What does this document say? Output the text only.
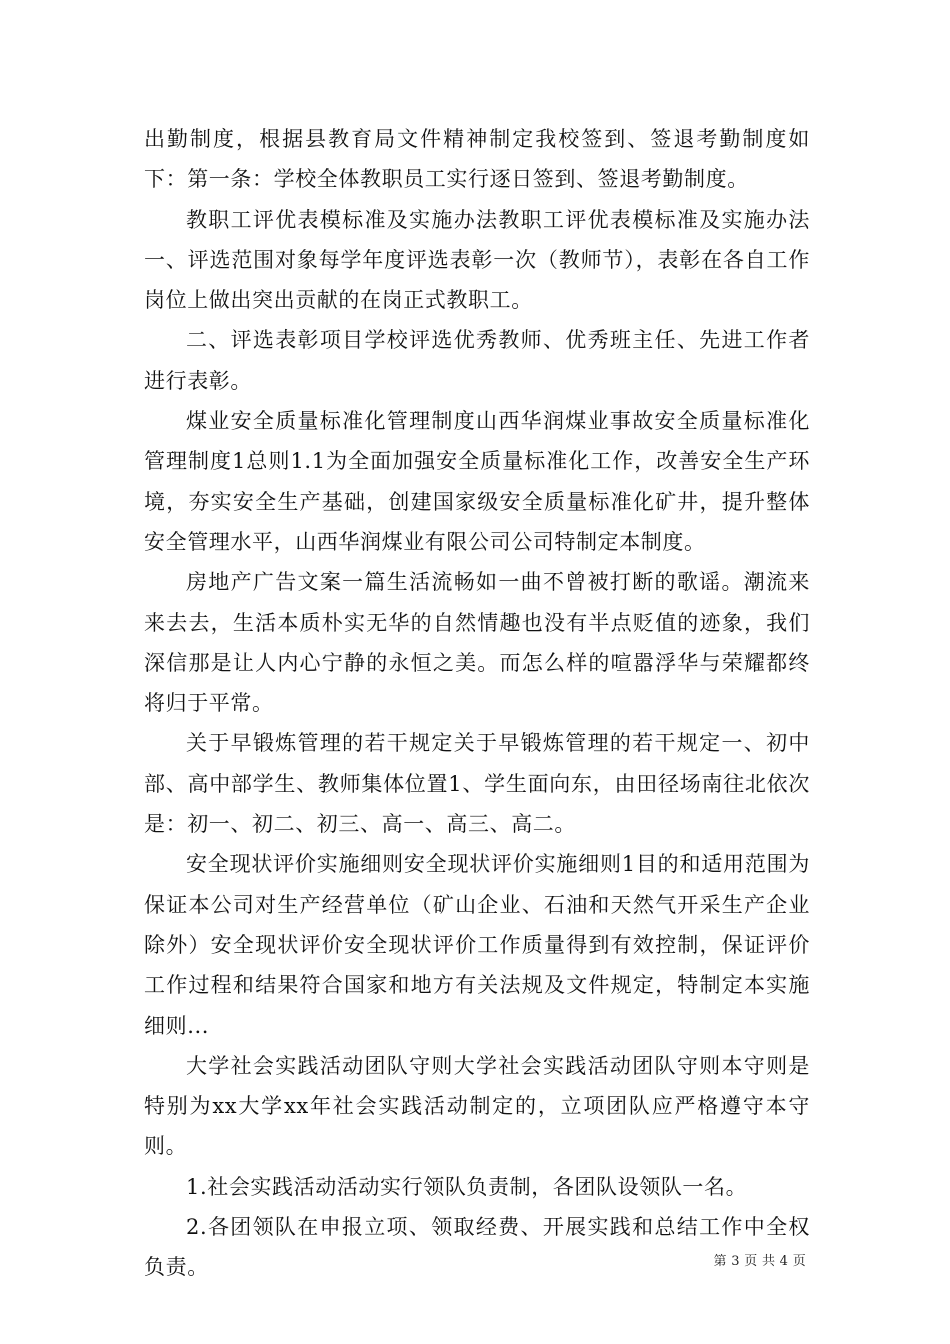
出勤制度，根据县教育局文件精神制定我校签到、签退考勤制度如下：第一条：学校全体教职员工实行逐日签到、签退考勤制度。

教职工评优表模标准及实施办法教职工评优表模标准及实施办法一、评选范围对象每学年度评选表彰一次（教师节），表彰在各自工作岗位上做出突出贡献的在岗正式教职工。

二、评选表彰项目学校评选优秀教师、优秀班主任、先进工作者进行表彰。

煤业安全质量标准化管理制度山西华润煤业事故安全质量标准化管理制度1总则1.1为全面加强安全质量标准化工作，改善安全生产环境，夯实安全生产基础，创建国家级安全质量标准化矿井，提升整体安全管理水平，山西华润煤业有限公司公司特制定本制度。

房地产广告文案一篇生活流畅如一曲不曾被打断的歌谣。潮流来来去去，生活本质朴实无华的自然情趣也没有半点贬值的迹象，我们深信那是让人内心宁静的永恒之美。而怎么样的喧嚣浮华与荣耀都终将归于平常。

关于早锻炼管理的若干规定关于早锻炼管理的若干规定一、初中部、高中部学生、教师集体位置1、学生面向东，由田径场南往北依次是：初一、初二、初三、高一、高三、高二。

安全现状评价实施细则安全现状评价实施细则1目的和适用范围为保证本公司对生产经营单位（矿山企业、石油和天然气开采生产企业除外）安全现状评价安全现状评价工作质量得到有效控制，保证评价工作过程和结果符合国家和地方有关法规及文件规定，特制定本实施细则...

大学社会实践活动团队守则大学社会实践活动团队守则本守则是特别为xx大学xx年社会实践活动制定的，立项团队应严格遵守本守则。

1.社会实践活动活动实行领队负责制，各团队设领队一名。

2.各团领队在申报立项、领取经费、开展实践和总结工作中全权负责。	第 3 页 共 4 页
